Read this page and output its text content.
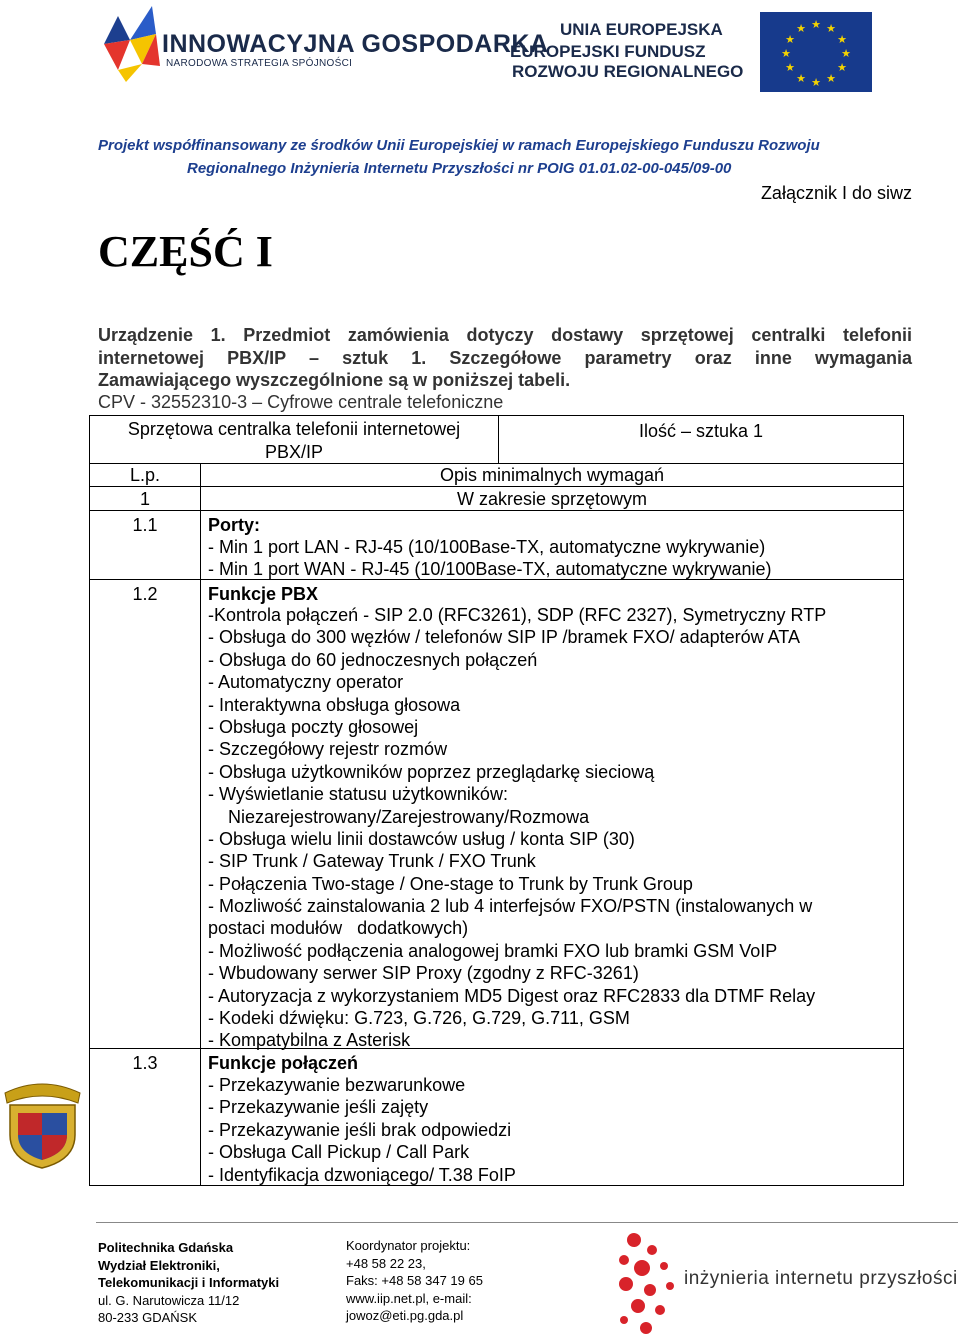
INNOWACYJNA GOSPODARKA
NARODOWA STRATEGIA SPÓJNOŚCI
UNIA EUROPEJSKA
EUROPEJSKI FUNDUSZ
ROZWOJU REGIONALNEGO
★ ★
★
★
★
★
★
★
★
★
★
★
Projekt współfinansowany ze środków Unii Europejskiej w ramach Europejskiego Funduszu Rozwoju
Regionalnego Inżynieria Internetu Przyszłości nr POIG 01.01.02-00-045/09-00
Załącznik I do siwz
CZĘŚĆ I
Urządzenie 1. Przedmiot zamówienia dotyczy dostawy sprzętowej centralki telefonii
internetowej PBX/IP – sztuk 1. Szczegółowe parametry oraz inne wymagania
Zamawiającego wyszczególnione są w poniższej tabeli.
CPV - 32552310-3 – Cyfrowe centrale telefoniczne
Sprzętowa centralka telefonii internetowej
PBX/IP
Ilość – sztuka 1
L.p.	Opis minimalnych wymagań
1	W zakresie sprzętowym
1.1	Porty:
- Min 1 port LAN - RJ-45 (10/100Base-TX, automatyczne wykrywanie)
- Min 1 port WAN - RJ-45 (10/100Base-TX, automatyczne wykrywanie)
1.2	Funkcje PBX
-Kontrola połączeń - SIP 2.0 (RFC3261), SDP (RFC 2327), Symetryczny RTP
- Obsługa do 300 węzłów / telefonów SIP IP /bramek FXO/ adapterów ATA
- Obsługa do 60 jednoczesnych połączeń
- Automatyczny operator
- Interaktywna obsługa głosowa
- Obsługa poczty głosowej
- Szczegółowy rejestr rozmów
- Obsługa użytkowników poprzez przeglądarkę sieciową
- Wyświetlanie statusu użytkowników:
Niezarejestrowany/Zarejestrowany/Rozmowa
- Obsługa wielu linii dostawców usług / konta SIP (30)
- SIP Trunk / Gateway Trunk / FXO Trunk
- Połączenia Two-stage / One-stage to Trunk by Trunk Group
- Mozliwość zainstalowania 2 lub 4 interfejsów FXO/PSTN (instalowanych w
postaci modułów   dodatkowych)
- Możliwość podłączenia analogowej bramki FXO lub bramki GSM VoIP
- Wbudowany serwer SIP Proxy (zgodny z RFC-3261)
- Autoryzacja z wykorzystaniem MD5 Digest oraz RFC2833 dla DTMF Relay
- Kodeki dźwięku: G.723, G.726, G.729, G.711, GSM
- Kompatybilna z Asterisk
1.3	Funkcje połączeń
- Przekazywanie bezwarunkowe
- Przekazywanie jeśli zajęty
- Przekazywanie jeśli brak odpowiedzi
- Obsługa Call Pickup / Call Park
- Identyfikacja dzwoniącego/ T.38 FoIP
Politechnika Gdańska
Wydział Elektroniki,
Telekomunikacji i Informatyki
ul. G. Narutowicza 11/12
80-233 GDAŃSK
Koordynator projektu:
+48 58 22 23,
Faks: +48 58 347 19 65
www.iip.net.pl, e-mail:
jowoz@eti.pg.gda.pl
inżynieria internetu przyszłości
